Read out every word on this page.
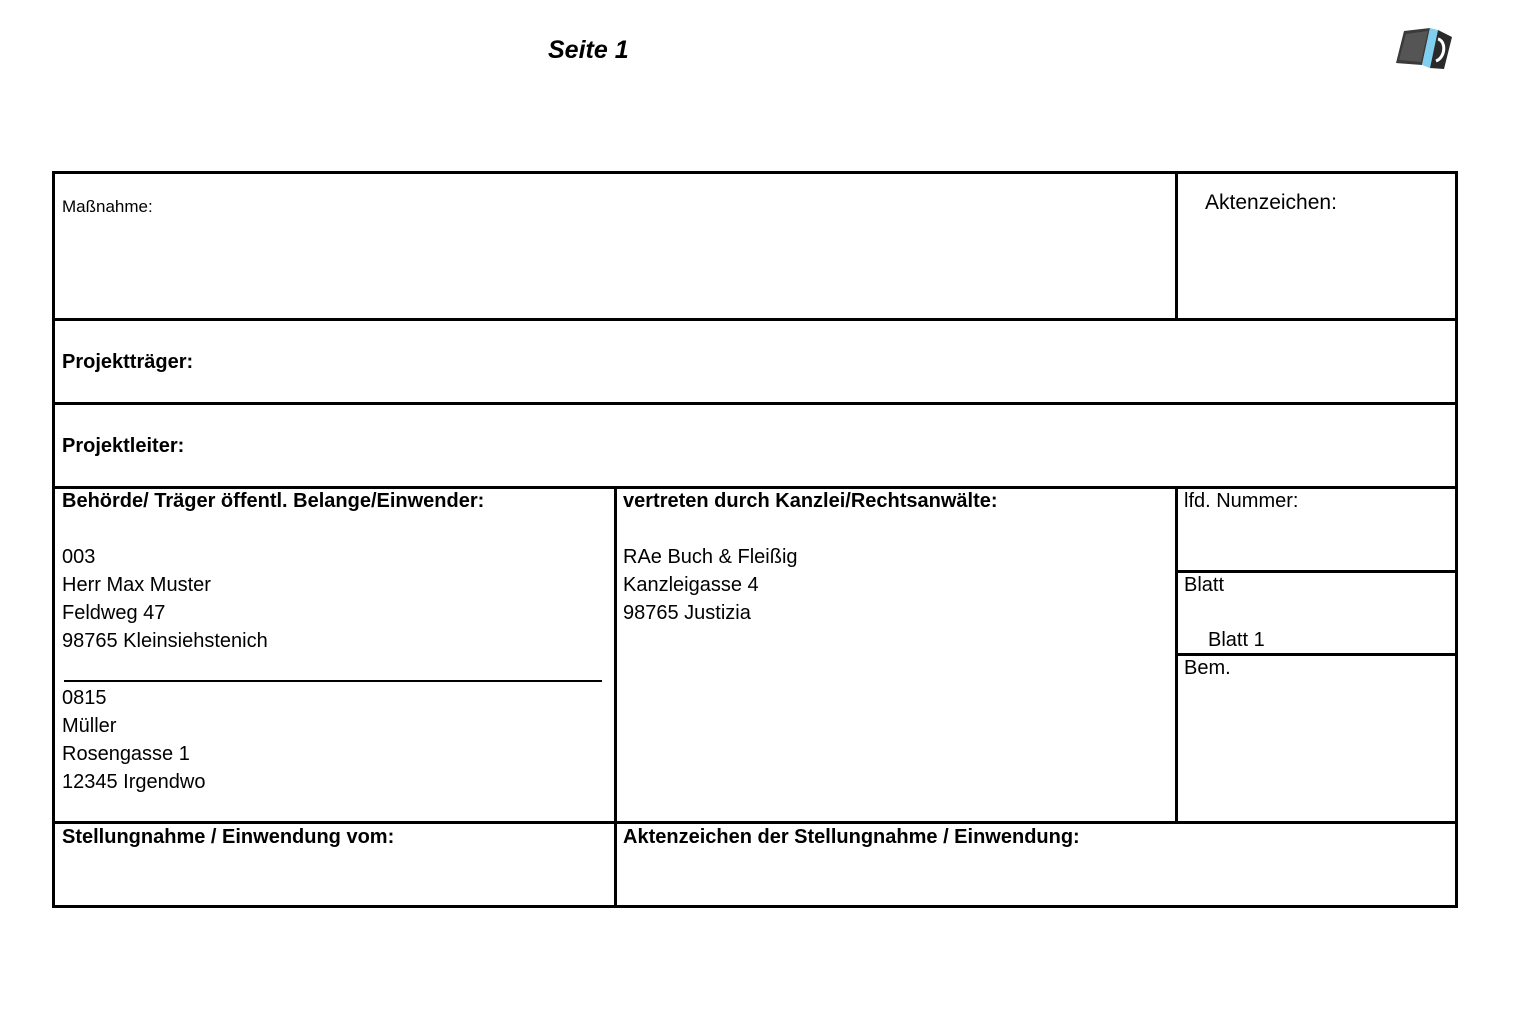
Seite 1
Maßnahme:	Aktenzeichen:
Projektträger:
Projektleiter:
Behörde/ Träger öffentl. Belange/Einwender:
003
Herr Max Muster
Feldweg 47
98765 Kleinsiehstenich
0815
Müller
Rosengasse 1
12345 Irgendwo
vertreten durch Kanzlei/Rechtsanwälte:
RAe Buch & Fleißig
Kanzleigasse 4
98765 Justizia
lfd. Nummer:
Blatt
Blatt 1
Bem.
Stellungnahme / Einwendung vom:	Aktenzeichen der Stellungnahme / Einwendung:
